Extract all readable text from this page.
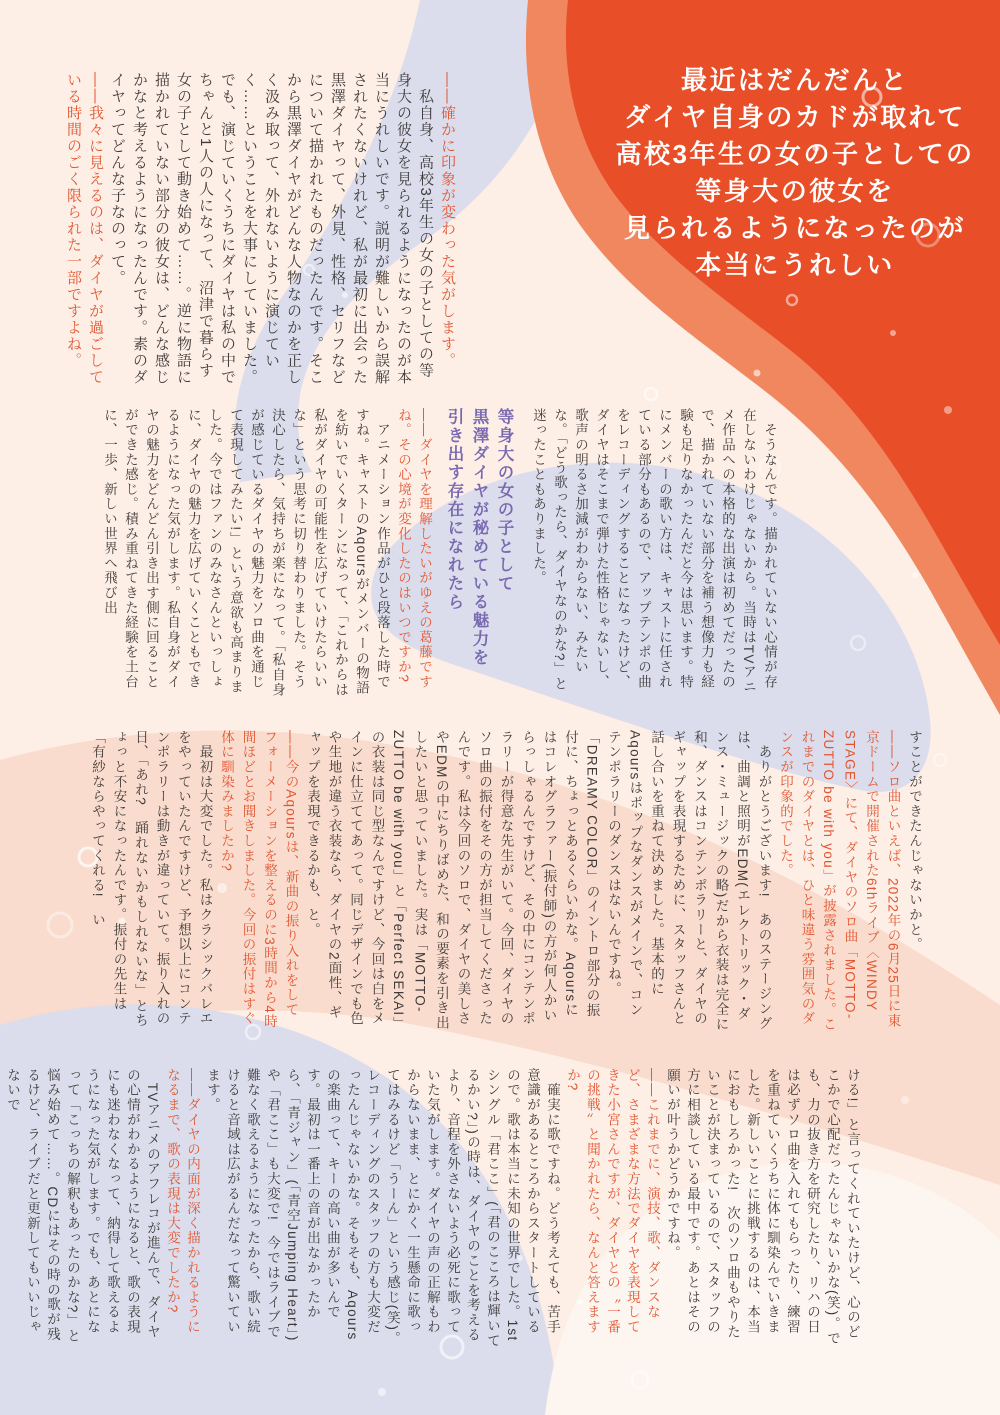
最近はだんだんと
ダイヤ自身のカドが取れて
高校3年生の女の子としての
等身大の彼女を
見られるようになったのが
本当にうれしい
——確かに印象が変わった気がします。
　私自身、高校3年生の女の子としての等身大の彼女を見られるようになったのが本当にうれしいです。説明が難しいから誤解されたくないけれど、私が最初に出会った黒澤ダイヤって、外見、性格、セリフなどについて描かれたものだったんです。そこから黒澤ダイヤがどんな人物なのかを正しく汲み取って、外れないように演じていく……ということを大事にしていました。でも、演じていくうちにダイヤは私の中でちゃんと1人の人になって、沼津で暮らす女の子として動き始めて……。逆に物語に描かれていない部分の彼女は、どんな感じかなと考えるようになったんです。素のダイヤってどんな子なのって。
——我々に見えるのは、ダイヤが過ごしている時間のごく限られた一部ですよね。
　そうなんです。描かれていない心情が存在しないわけじゃないから。当時はTVアニメ作品への本格的な出演は初めてだったので、描かれていない部分を補う想像力も経験も足りなかったんだと今は思います。特にメンバーの歌い方は、キャストに任されている部分もあるので、アップテンポの曲をレコーディングすることになったけど、ダイヤはそこまで弾けた性格じゃないし、歌声の明るさ加減がわからない、みたいな。「どう歌ったら、ダイヤなのかな?」と迷ったこともありました。
等身大の女の子として
黒澤ダイヤが秘めている魅力を
引き出す存在になれたら
——ダイヤを理解したいがゆえの葛藤ですね。その心境が変化したのはいつですか?
　アニメーション作品がひと段落した時ですね。キャストのAqoursがメンバーの物語を紡いでいくターンになって、「これからは私がダイヤの可能性を広げていけたらいいな」という思考に切り替わりました。そう決心したら、気持ちが楽になって。「私自身が感じているダイヤの魅力をソロ曲を通じて表現してみたい!」という意欲も高まりました。今ではファンのみなさんといっしょに、ダイヤの魅力を広げていくこともできるようになった気がします。私自身がダイヤの魅力をどんどん引き出す側に回ることができた感じ。積み重ねてきた経験を土台に、一歩、新しい世界へ飛び出
すことができたんじゃないかと。
——ソロ曲といえば、2022年の6月25日に東京ドームで開催された6thライブ〈WINDY STAGE〉にて、ダイヤのソロ曲「MOTTO-ZUTTO be with you」が披露されました。これまでのダイヤとは、ひと味違う雰囲気のダンスが印象的でした。
　ありがとうございます!　あのステージングは、曲調と照明がEDM(エレクトリック・ダンス・ミュージックの略)だから衣装は完全に和、ダンスはコンテンポラリーと、ダイヤのギャップを表現するために、スタッフさんと話し合いを重ねて決めました。基本的にAqoursはポップなダンスがメインで、コンテンポラリーのダンスはないんですね。「DREAMY COLOR」のイントロ部分の振付に、ちょっとあるくらいかな。Aqoursにはコレオグラファー(振付師)の方が何人かいらっしゃるんですけど、その中にコンテンポラリーが得意な先生がいて。今回、ダイヤのソロ曲の振付をその方が担当してくださったんです。私は今回のソロで、ダイヤの美しさやEDMの中にちりばめた、和の要素を引き出したいと思っていました。実は「MOTTO-ZUTTO be with you」と「Perfect SEKAI」の衣装は同じ型なんですけど、今回は白をメインに仕立ててあって。同じデザインでも色や生地が違う衣装なら、ダイヤの2面性、ギャップを表現できるかも、と。
——今のAqoursは、新曲の振り入れをしてフォーメーションを整えるのに3時間から4時間ほどとお聞きしました。今回の振付はすぐ体に馴染みましたか?
　最初は大変でした。私はクラシックバレエをやっていたんですけど、予想以上にコンテンポラリーは動きが違っていて。振り入れの日、「あれ?　踊れないかもしれないな」とちょっと不安になったんです。振付の先生は「有紗ならやってくれる!　い
ける!」と言ってくれていたけど、心のどこかで心配だったんじゃないかな(笑)。でも、力の抜き方を研究したり、リハの日は必ずソロ曲を入れてもらったり、練習を重ねていくうちに体に馴染んでいきました。新しいことに挑戦するのは、本当におもしろかった!　次のソロ曲もやりたいことが決まっているので、スタッフの方に相談している最中です。あとはその願いが叶うかどうかですね。
——これまでに、演技、歌、ダンスなど、さまざまな方法でダイヤを表現してきた小宮さんですが、ダイヤとの〝一番の挑戦〟と聞かれたら、なんと答えますか?
　確実に歌ですね。どう考えても、苦手意識があるところからスタートしているので。歌は本当に未知の世界でした。1stシングル「君ここ」(「君のこころは輝いてるかい?」)の時は、ダイヤのことを考えるより、音程を外さないよう必死に歌っていた気がします。ダイヤの声の正解もわからないまま、とにかく一生懸命に歌ってはみるけど「うーん」という感じ(笑)。レコーディングのスタッフの方も大変だったんじゃないかな。そもそも、Aqoursの楽曲って、キーの高い曲が多いんです。最初は一番上の音が出なかったから、「青ジャン」(「青空Jumping Heart」)や「君ここ」も大変で!　今ではライブで難なく歌えるようになったから、歌い続けると音域は広がるんだなって驚いています。
——ダイヤの内面が深く描かれるようになるまで、歌の表現は大変でしたか?
　TVアニメのアフレコが進んで、ダイヤの心情がわかるようになると、歌の表現にも迷わなくなって、納得して歌えるようになった気がします。でも、あとになって「こっちの解釈もあったのかな?」と悩み始めて……。CDにはその時の歌が残るけど、ライブだと更新してもいいじゃないで
